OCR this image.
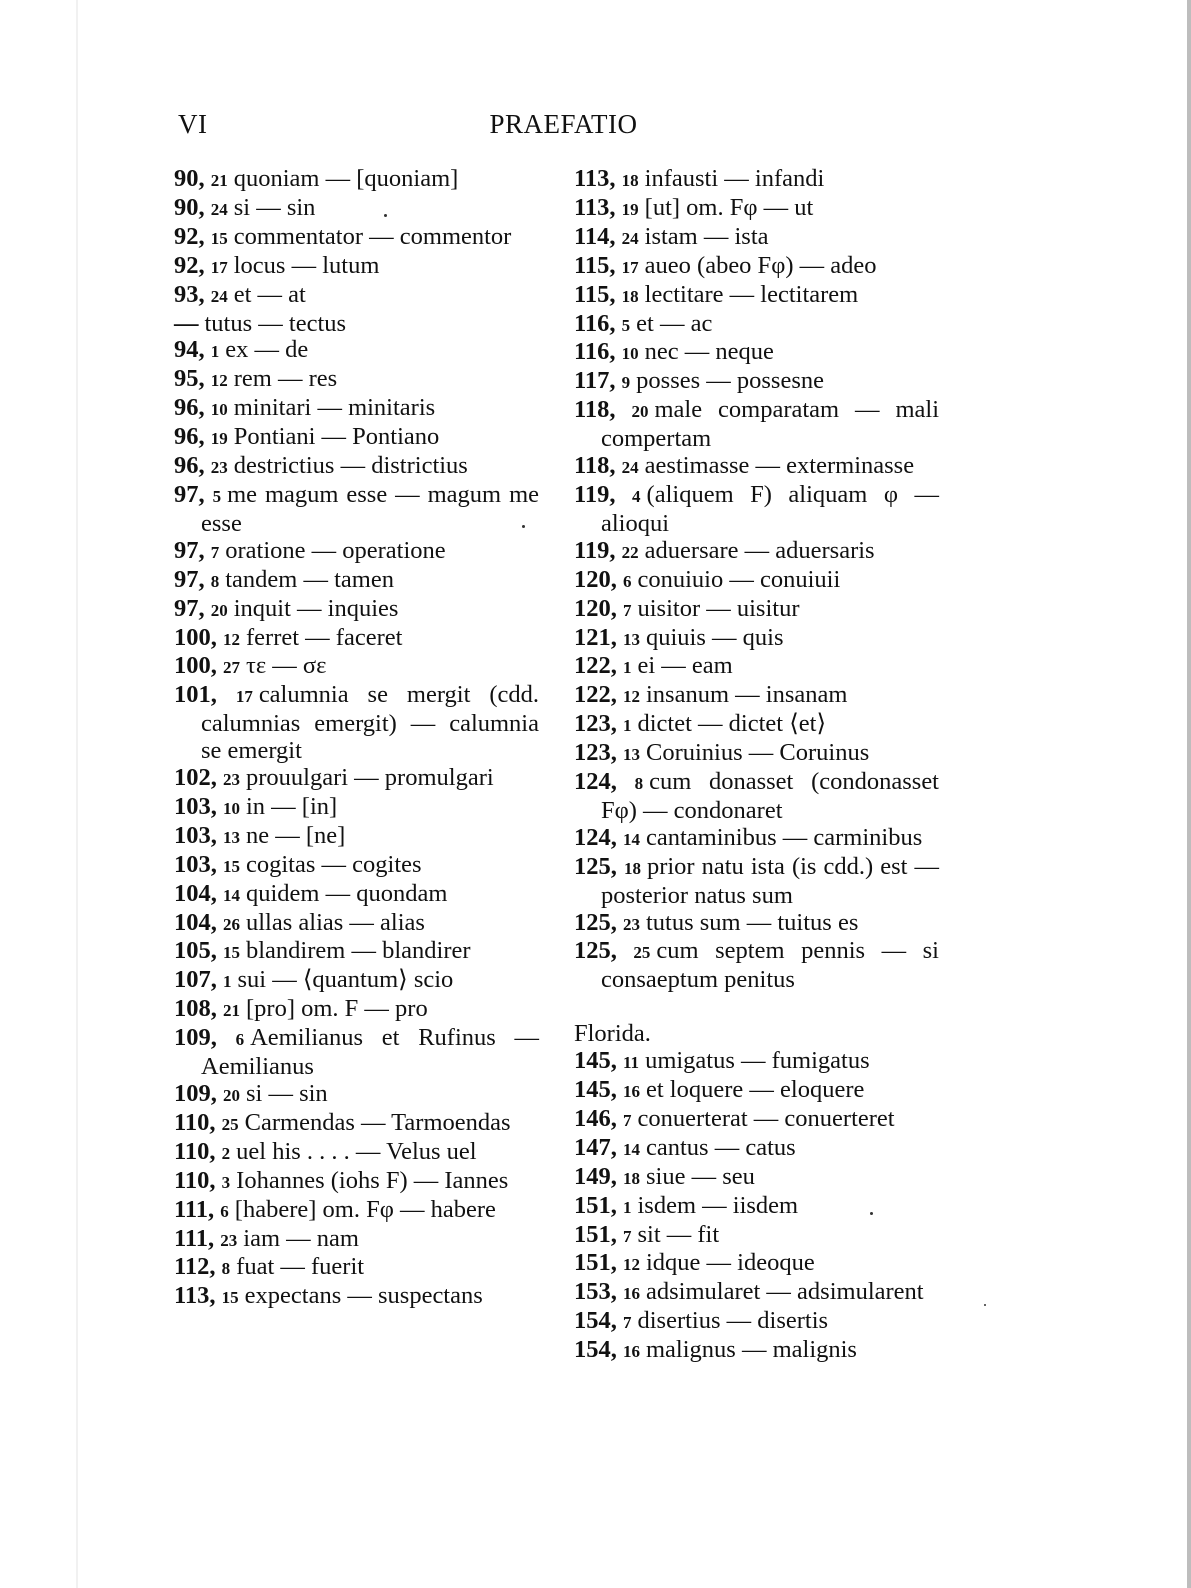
VI	PRAEFATIO
90, 21 quoniam — [quoniam]
90, 24 si — sin
92, 15 commentator — commentor
92, 17 locus — lutum
93, 24 et — at
— tutus — tectus
94, 1 ex — de
95, 12 rem — res
96, 10 minitari — minitaris
96, 19 Pontiani — Pontiano
96, 23 destrictius — districtius
97, 5 me magum esse — magum me esse
97, 7 oratione — operatione
97, 8 tandem — tamen
97, 20 inquit — inquies
100, 12 ferret — faceret
100, 27 τε — σε
101, 17 calumnia se mergit (cdd. calumnias emergit) — calumnia se emergit
102, 23 prouulgari — promulgari
103, 10 in — [in]
103, 13 ne — [ne]
103, 15 cogitas — cogites
104, 14 quidem — quondam
104, 26 ullas alias — alias
105, 15 blandirem — blandirer
107, 1 sui — ⟨quantum⟩ scio
108, 21 [pro] om. F — pro
109, 6 Aemilianus et Rufinus — Aemilianus
109, 20 si — sin
110, 25 Carmendas — Tarmoendas
110, 2 uel his . . . . — Velus uel
110, 3 Iohannes (iohs F) — Iannes
111, 6 [habere] om. Fφ — habere
111, 23 iam — nam
112, 8 fuat — fuerit
113, 15 expectans — suspectans
113, 18 infausti — infandi
113, 19 [ut] om. Fφ — ut
114, 24 istam — ista
115, 17 aueo (abeo Fφ) — adeo
115, 18 lectitare — lectitarem
116, 5 et — ac
116, 10 nec — neque
117, 9 posses — possesne
118, 20 male comparatam — mali compertam
118, 24 aestimasse — exterminasse
119, 4 (aliquem F) aliquam φ — alioqui
119, 22 aduersare — aduersaris
120, 6 conuiuio — conuiuii
120, 7 uisitor — uisitur
121, 13 quiuis — quis
122, 1 ei — eam
122, 12 insanum — insanam
123, 1 dictet — dictet ⟨et⟩
123, 13 Coruinius — Coruinus
124, 8 cum donasset (condonasset Fφ) — condonaret
124, 14 cantaminibus — carminibus
125, 18 prior natu ista (is cdd.) est — posterior natus sum
125, 23 tutus sum — tuitus es
125, 25 cum septem pennis — si consaeptum penitus
Florida.
145, 11 umigatus — fumigatus
145, 16 et loquere — eloquere
146, 7 conuerterat — conuerteret
147, 14 cantus — catus
149, 18 siue — seu
151, 1 isdem — iisdem
151, 7 sit — fit
151, 12 idque — ideoque
153, 16 adsimularet — adsimularent
154, 7 disertius — disertis
154, 16 malignus — malignis
